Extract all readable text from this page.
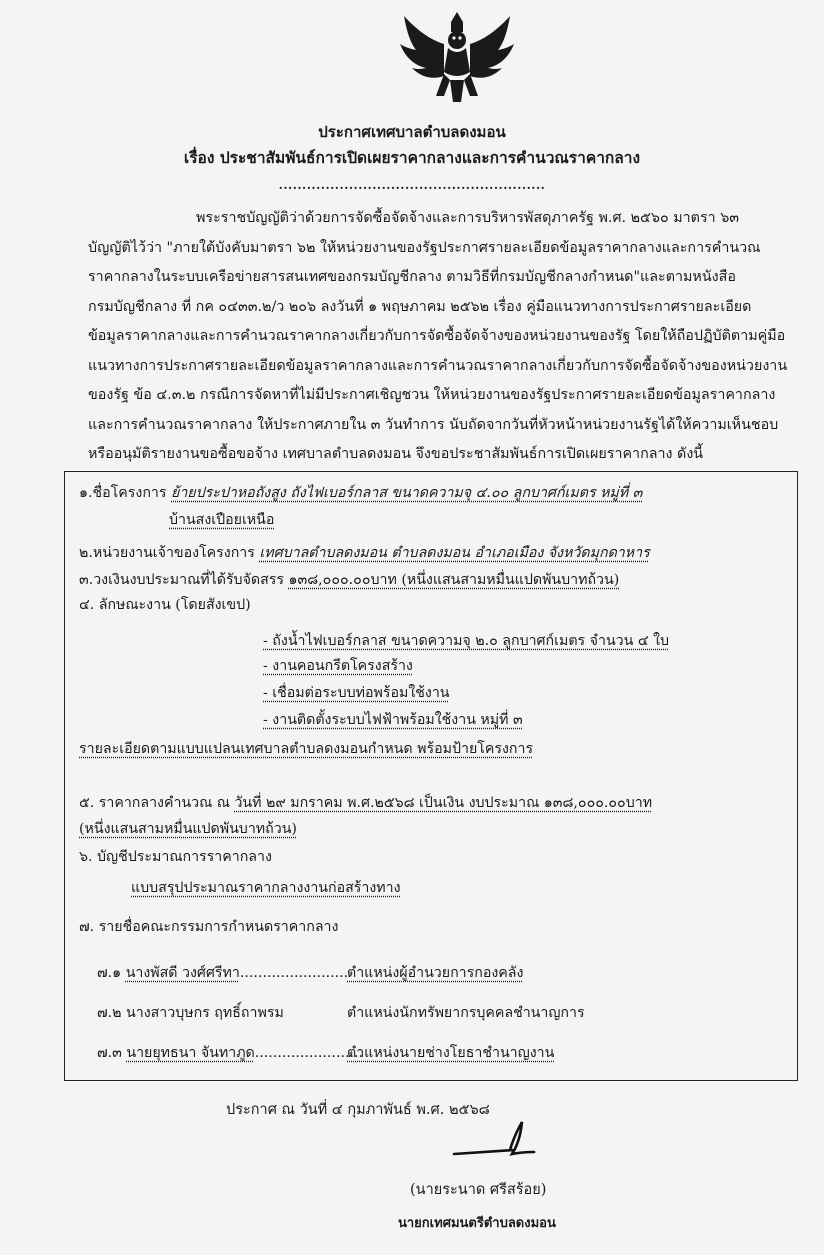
ประกาศเทศบาลตำบลดงมอน
เรื่อง ประชาสัมพันธ์การเปิดเผยราคากลางและการคำนวณราคากลาง
.........................................................
พระราชบัญญัติว่าด้วยการจัดซื้อจัดจ้างและการบริหารพัสดุภาครัฐ พ.ศ. ๒๕๖๐ มาตรา ๖๓
บัญญัติไว้ว่า "ภายใต้บังคับมาตรา ๖๒ ให้หน่วยงานของรัฐประกาศรายละเอียดข้อมูลราคากลางและการคำนวณ
ราคากลางในระบบเครือข่ายสารสนเทศของกรมบัญชีกลาง ตามวิธีที่กรมบัญชีกลางกำหนด"และตามหนังสือ
กรมบัญชีกลาง ที่ กค ๐๔๓๓.๒/ว ๒๐๖ ลงวันที่ ๑ พฤษภาคม ๒๕๖๒ เรื่อง คู่มือแนวทางการประกาศรายละเอียด
ข้อมูลราคากลางและการคำนวณราคากลางเกี่ยวกับการจัดซื้อจัดจ้างของหน่วยงานของรัฐ โดยให้ถือปฏิบัติตามคู่มือ
แนวทางการประกาศรายละเอียดข้อมูลราคากลางและการคำนวณราคากลางเกี่ยวกับการจัดซื้อจัดจ้างของหน่วยงาน
ของรัฐ ข้อ ๔.๓.๒ กรณีการจัดหาที่ไม่มีประกาศเชิญชวน ให้หน่วยงานของรัฐประกาศรายละเอียดข้อมูลราคากลาง
และการคำนวณราคากลาง ให้ประกาศภายใน ๓ วันทำการ นับถัดจากวันที่หัวหน้าหน่วยงานรัฐได้ให้ความเห็นชอบ
หรืออนุมัติรายงานขอซื้อขอจ้าง เทศบาลตำบลดงมอน จึงขอประชาสัมพันธ์การเปิดเผยราคากลาง ดังนี้
๑.ชื่อโครงการ ย้ายประปาหอถังสูง ถังไฟเบอร์กลาส ขนาดความจุ ๔.๐๐ ลูกบาศก์เมตร หมู่ที่ ๓
บ้านสงเปือยเหนือ
๒.หน่วยงานเจ้าของโครงการ เทศบาลตำบลดงมอน ตำบลดงมอน อำเภอเมือง จังหวัดมุกดาหาร
๓.วงเงินงบประมาณที่ได้รับจัดสรร ๑๓๘,๐๐๐.๐๐บาท (หนึ่งแสนสามหมื่นแปดพันบาทถ้วน)
๔. ลักษณะงาน (โดยสังเขป)
- ถังน้ำไฟเบอร์กลาส ขนาดความจุ ๒.๐ ลูกบาศก์เมตร จำนวน ๔ ใบ
- งานคอนกรีตโครงสร้าง
- เชื่อมต่อระบบท่อพร้อมใช้งาน
- งานติดตั้งระบบไฟฟ้าพร้อมใช้งาน หมู่ที่ ๓
รายละเอียดตามแบบแปลนเทศบาลตำบลดงมอนกำหนด พร้อมป้ายโครงการ
๕. ราคากลางคำนวณ ณ วันที่ ๒๙ มกราคม พ.ศ.๒๕๖๘ เป็นเงิน งบประมาณ ๑๓๘,๐๐๐.๐๐บาท
(หนึ่งแสนสามหมื่นแปดพันบาทถ้วน)
๖. บัญชีประมาณการราคากลาง
แบบสรุปประมาณราคากลางงานก่อสร้างทาง
๗. รายชื่อคณะกรรมการกำหนดราคากลาง
๗.๑ นางพัสดี วงศ์ศรีทา........................
ตำแหน่งผู้อำนวยการกองคลัง
๗.๒ นางสาวบุษกร ฤทธิ์ถาพรม	ตำแหน่งนักทรัพยากรบุคคลชำนาญการ
๗.๓ นายยุทธนา จันทาภูด........................
ตำแหน่งนายช่างโยธาชำนาญงาน
ประกาศ ณ วันที่ ๔ กุมภาพันธ์ พ.ศ. ๒๕๖๘
(นายระนาด ศรีสร้อย)
นายกเทศมนตรีตำบลดงมอน
